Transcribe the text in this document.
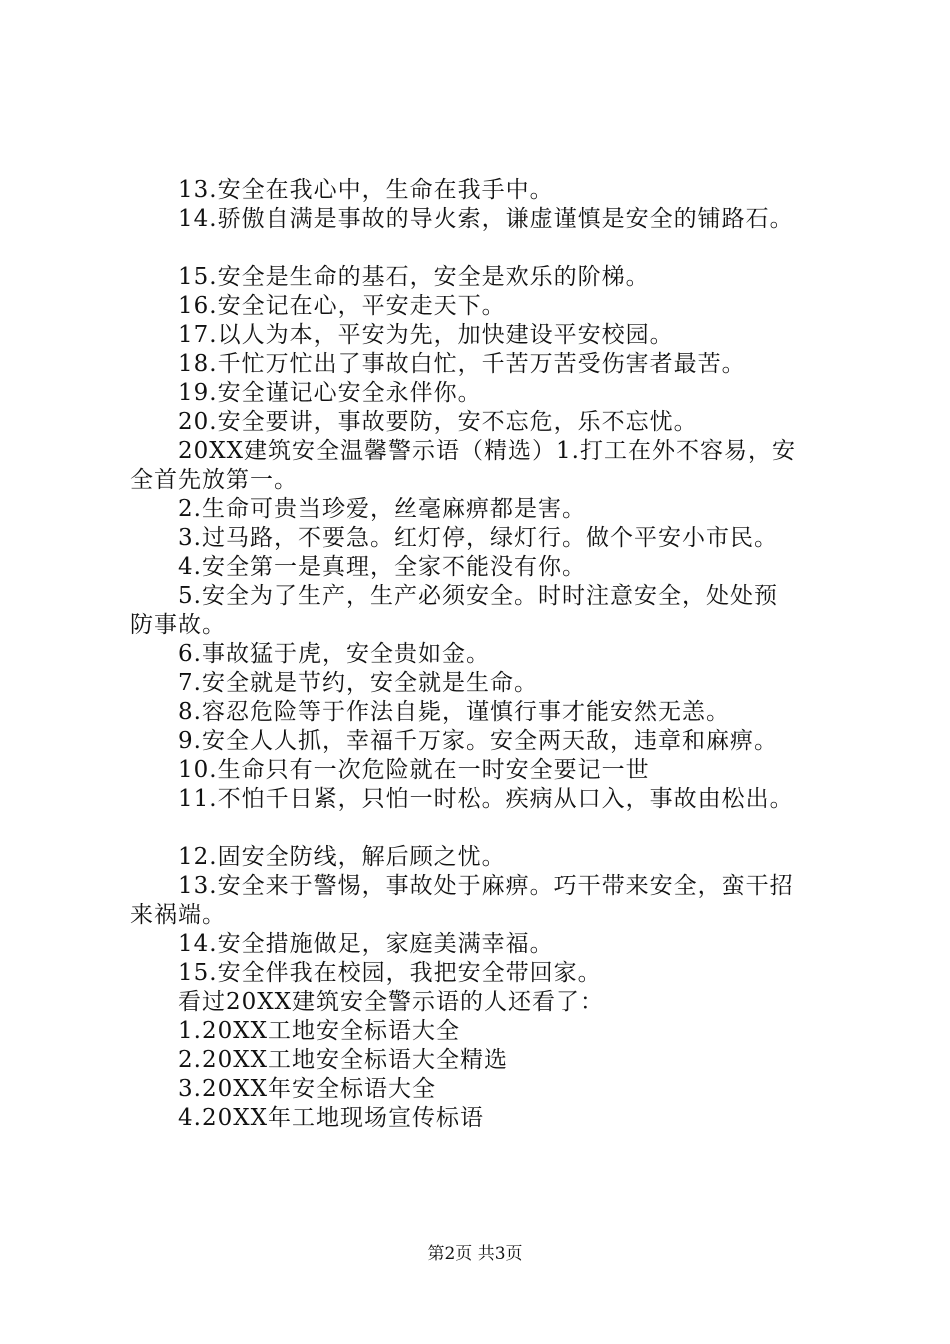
13.安全在我心中，生命在我手中。
14.骄傲自满是事故的导火索，谦虚谨慎是安全的铺路石。
15.安全是生命的基石，安全是欢乐的阶梯。
16.安全记在心，平安走天下。
17.以人为本，平安为先，加快建设平安校园。
18.千忙万忙出了事故白忙，千苦万苦受伤害者最苦。
19.安全谨记心安全永伴你。
20.安全要讲，事故要防，安不忘危，乐不忘忧。
20XX建筑安全温馨警示语（精选）1.打工在外不容易，安
全首先放第一。
2.生命可贵当珍爱，丝毫麻痹都是害。
3.过马路，不要急。红灯停，绿灯行。做个平安小市民。
4.安全第一是真理，全家不能没有你。
5.安全为了生产，生产必须安全。时时注意安全，处处预
防事故。
6.事故猛于虎，安全贵如金。
7.安全就是节约，安全就是生命。
8.容忍危险等于作法自毙，谨慎行事才能安然无恙。
9.安全人人抓，幸福千万家。安全两天敌，违章和麻痹。
10.生命只有一次危险就在一时安全要记一世
11.不怕千日紧，只怕一时松。疾病从口入，事故由松出。
12.固安全防线，解后顾之忧。
13.安全来于警惕，事故处于麻痹。巧干带来安全，蛮干招
来祸端。
14.安全措施做足，家庭美满幸福。
15.安全伴我在校园，我把安全带回家。
看过20XX建筑安全警示语的人还看了：
1.20XX工地安全标语大全
2.20XX工地安全标语大全精选
3.20XX年安全标语大全
4.20XX年工地现场宣传标语
第2页 共3页
